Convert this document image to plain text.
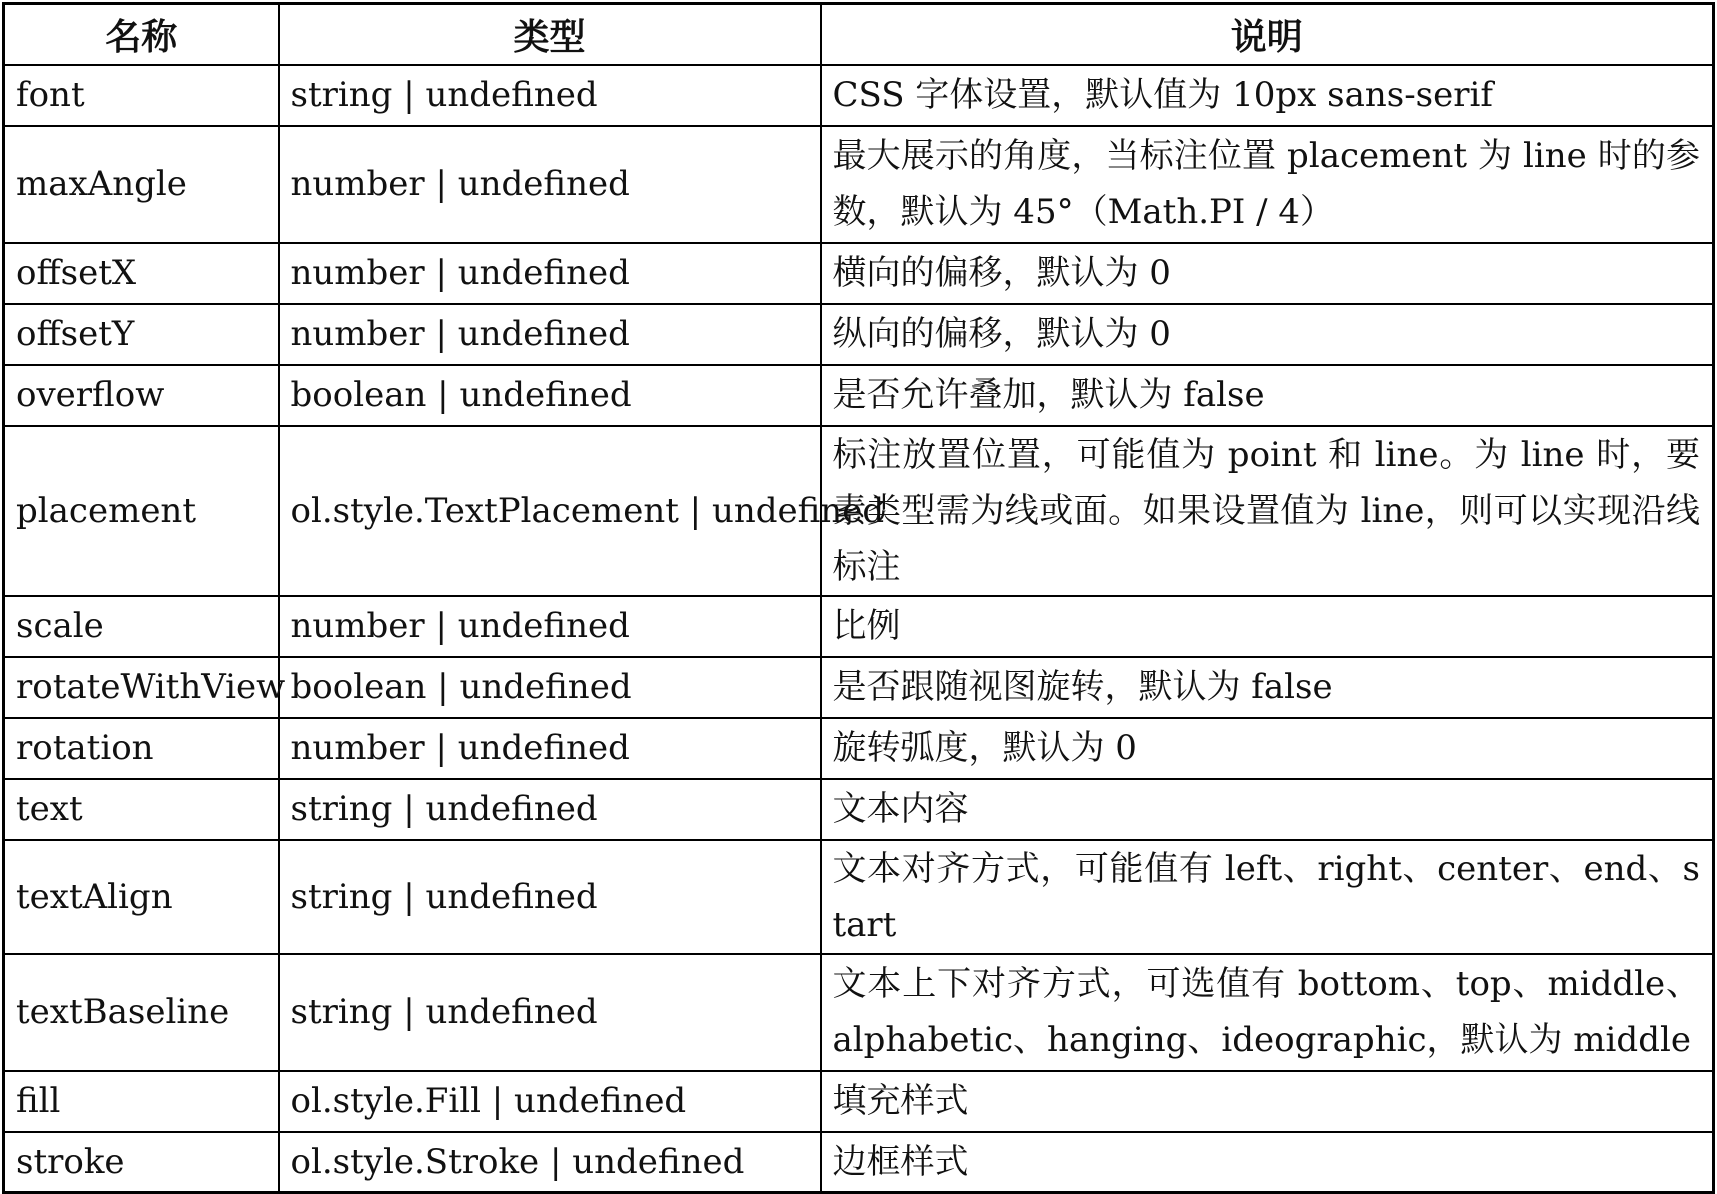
名称	类型	说明
font	string | undefined	CSS 字体设置，默认值为 10px sans-serif
maxAngle	number | undefined	最大展示的角度，当标注位置 placement 为 line 时的参数，默认为 45°（Math.PI / 4）
offsetX	number | undefined	横向的偏移，默认为 0
offsetY	number | undefined	纵向的偏移，默认为 0
overflow	boolean | undefined	是否允许叠加，默认为 false
placement	ol.style.TextPlacement | undefined	标注放置位置，可能值为 point 和 line。为 line 时，要素类型需为线或面。如果设置值为 line，则可以实现沿线标注
scale	number | undefined	比例
rotateWithView	boolean | undefined	是否跟随视图旋转，默认为 false
rotation	number | undefined	旋转弧度，默认为 0
text	string | undefined	文本内容
textAlign	string | undefined	文本对齐方式，可能值有 left、right、center、end、start
textBaseline	string | undefined	文本上下对齐方式，可选值有 bottom、top、middle、alphabetic、hanging、ideographic，默认为 middle
fill	ol.style.Fill | undefined	填充样式
stroke	ol.style.Stroke | undefined	边框样式
